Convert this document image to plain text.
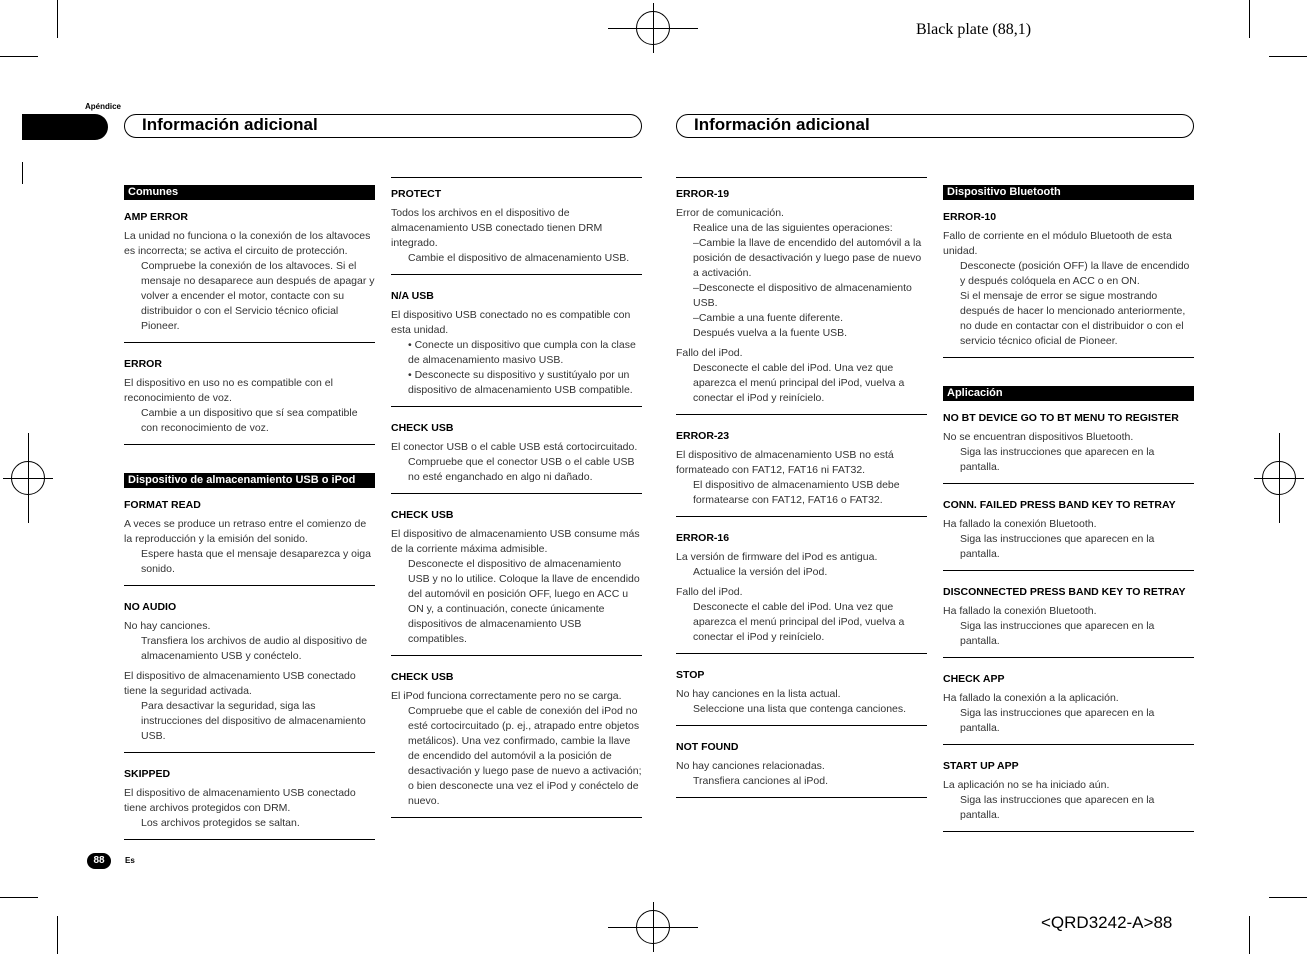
Black plate (88,1)
Apéndice
Información adicional	Información adicional
Comunes
AMP ERROR

La unidad no funciona o la conexión de los altavoces es incorrecta; se activa el circuito de protección.

Compruebe la conexión de los altavoces. Si el mensaje no desaparece aun después de apagar y volver a encender el motor, contacte con su distribuidor o con el Servicio técnico oficial Pioneer.

ERROR

El dispositivo en uso no es compatible con el reconocimiento de voz.

Cambie a un dispositivo que sí sea compatible con reconocimiento de voz.

Dispositivo de almacenamiento USB o iPod
FORMAT READ

A veces se produce un retraso entre el comienzo de la reproducción y la emisión del sonido.

Espere hasta que el mensaje desaparezca y oiga sonido.

NO AUDIO

No hay canciones.

Transfiera los archivos de audio al dispositivo de almacenamiento USB y conéctelo.

El dispositivo de almacenamiento USB conectado tiene la seguridad activada.

Para desactivar la seguridad, siga las instrucciones del dispositivo de almacenamiento USB.

SKIPPED

El dispositivo de almacenamiento USB conectado tiene archivos protegidos con DRM.

Los archivos protegidos se saltan.

PROTECT

Todos los archivos en el dispositivo de almacenamiento USB conectado tienen DRM integrado.

Cambie el dispositivo de almacenamiento USB.

N/A USB

El dispositivo USB conectado no es compatible con esta unidad.

• Conecte un dispositivo que cumpla con la clase de almacenamiento masivo USB.

• Desconecte su dispositivo y sustitúyalo por un dispositivo de almacenamiento USB compatible.

CHECK USB

El conector USB o el cable USB está cortocircuitado.

Compruebe que el conector USB o el cable USB no esté enganchado en algo ni dañado.

CHECK USB

El dispositivo de almacenamiento USB consume más de la corriente máxima admisible.

Desconecte el dispositivo de almacenamiento USB y no lo utilice. Coloque la llave de encendido del automóvil en posición OFF, luego en ACC u ON y, a continuación, conecte únicamente dispositivos de almacenamiento USB compatibles.

CHECK USB

El iPod funciona correctamente pero no se carga.

Compruebe que el cable de conexión del iPod no esté cortocircuitado (p. ej., atrapado entre objetos metálicos). Una vez confirmado, cambie la llave de encendido del automóvil a la posición de desactivación y luego pase de nuevo a activación; o bien desconecte una vez el iPod y conéctelo de nuevo.

ERROR-19

Error de comunicación.

Realice una de las siguientes operaciones:

–Cambie la llave de encendido del automóvil a la posición de desactivación y luego pase de nuevo a activación.

–Desconecte el dispositivo de almacenamiento USB.

–Cambie a una fuente diferente.

Después vuelva a la fuente USB.

Fallo del iPod.

Desconecte el cable del iPod. Una vez que aparezca el menú principal del iPod, vuelva a conectar el iPod y reinícielo.

ERROR-23

El dispositivo de almacenamiento USB no está formateado con FAT12, FAT16 ni FAT32.

El dispositivo de almacenamiento USB debe formatearse con FAT12, FAT16 o FAT32.

ERROR-16

La versión de firmware del iPod es antigua.

Actualice la versión del iPod.

Fallo del iPod.

Desconecte el cable del iPod. Una vez que aparezca el menú principal del iPod, vuelva a conectar el iPod y reinícielo.

STOP

No hay canciones en la lista actual.

Seleccione una lista que contenga canciones.

NOT FOUND

No hay canciones relacionadas.

Transfiera canciones al iPod.

Dispositivo Bluetooth
ERROR-10

Fallo de corriente en el módulo Bluetooth de esta unidad.

Desconecte (posición OFF) la llave de encendido y después colóquela en ACC o en ON.

Si el mensaje de error se sigue mostrando después de hacer lo mencionado anteriormente, no dude en contactar con el distribuidor o con el servicio técnico oficial de Pioneer.

Aplicación
NO BT DEVICE GO TO BT MENU TO REGISTER

No se encuentran dispositivos Bluetooth.

Siga las instrucciones que aparecen en la pantalla.

CONN. FAILED PRESS BAND KEY TO RETRAY

Ha fallado la conexión Bluetooth.

Siga las instrucciones que aparecen en la pantalla.

DISCONNECTED PRESS BAND KEY TO RETRAY

Ha fallado la conexión Bluetooth.

Siga las instrucciones que aparecen en la pantalla.

CHECK APP

Ha fallado la conexión a la aplicación.

Siga las instrucciones que aparecen en la pantalla.

START UP APP

La aplicación no se ha iniciado aún.

Siga las instrucciones que aparecen en la pantalla.

88	Es
<QRD3242-A>88
